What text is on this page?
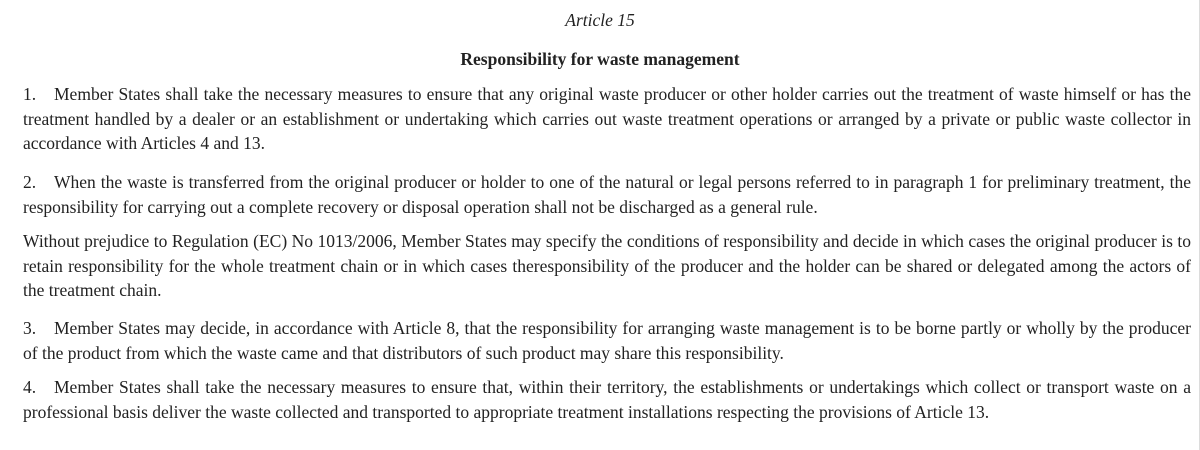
Article 15
Responsibility for waste management

1. Member States shall take the necessary measures to ensure that any original waste producer or other holder carries out the treatment of waste himself or has the treatment handled by a dealer or an establishment or undertaking which carries out waste treatment operations or arranged by a private or public waste collector in accordance with Articles 4 and 13.

2. When the waste is transferred from the original producer or holder to one of the natural or legal persons referred to in paragraph 1 for preliminary treatment, the responsibility for carrying out a complete recovery or disposal operation shall not be discharged as a general rule.

Without prejudice to Regulation (EC) No 1013/2006, Member States may specify the conditions of responsibility and decide in which cases the original producer is to retain responsibility for the whole treatment chain or in which cases theresponsibility of the producer and the holder can be shared or delegated among the actors of the treatment chain.

3. Member States may decide, in accordance with Article 8, that the responsibility for arranging waste management is to be borne partly or wholly by the producer of the product from which the waste came and that distributors of such product may share this responsibility.

4. Member States shall take the necessary measures to ensure that, within their territory, the establishments or undertakings which collect or transport waste on a professional basis deliver the waste collected and transported to appropriate treatment installations respecting the provisions of Article 13.
